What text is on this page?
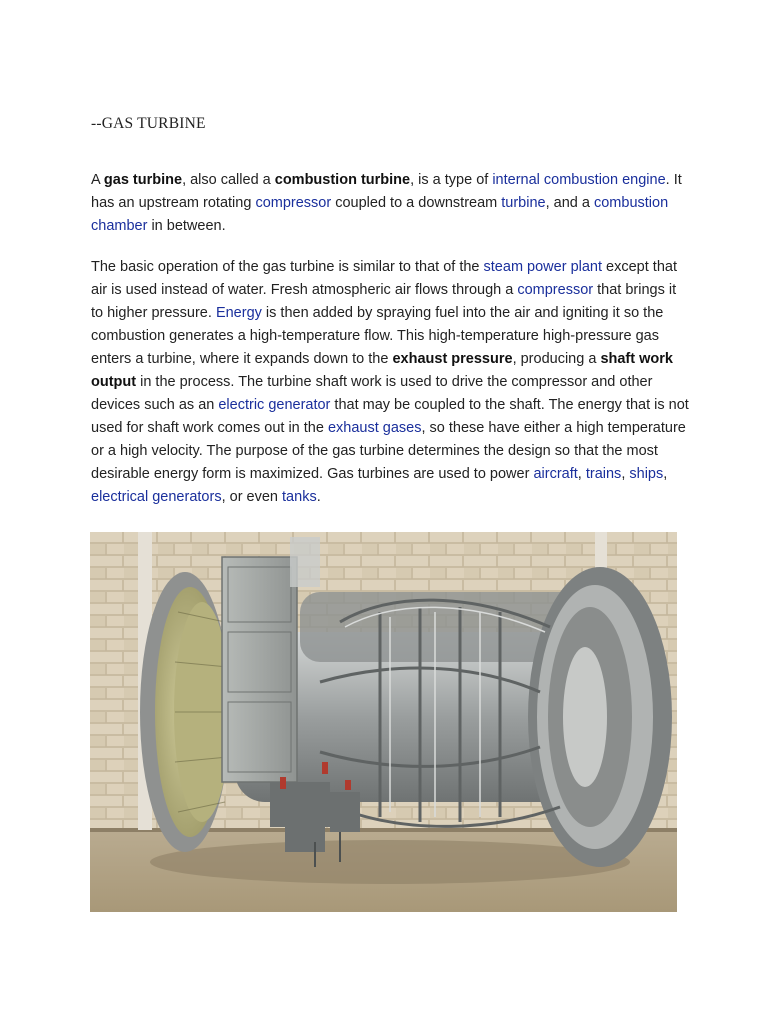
--GAS TURBINE

A gas turbine, also called a combustion turbine, is a type of internal combustion engine. It has an upstream rotating compressor coupled to a downstream turbine, and a combustion chamber in between.

The basic operation of the gas turbine is similar to that of the steam power plant except that air is used instead of water. Fresh atmospheric air flows through a compressor that brings it to higher pressure. Energy is then added by spraying fuel into the air and igniting it so the combustion generates a high-temperature flow. This high-temperature high-pressure gas enters a turbine, where it expands down to the exhaust pressure, producing a shaft work output in the process. The turbine shaft work is used to drive the compressor and other devices such as an electric generator that may be coupled to the shaft. The energy that is not used for shaft work comes out in the exhaust gases, so these have either a high temperature or a high velocity. The purpose of the gas turbine determines the design so that the most desirable energy form is maximized. Gas turbines are used to power aircraft, trains, ships, electrical generators, or even tanks.
